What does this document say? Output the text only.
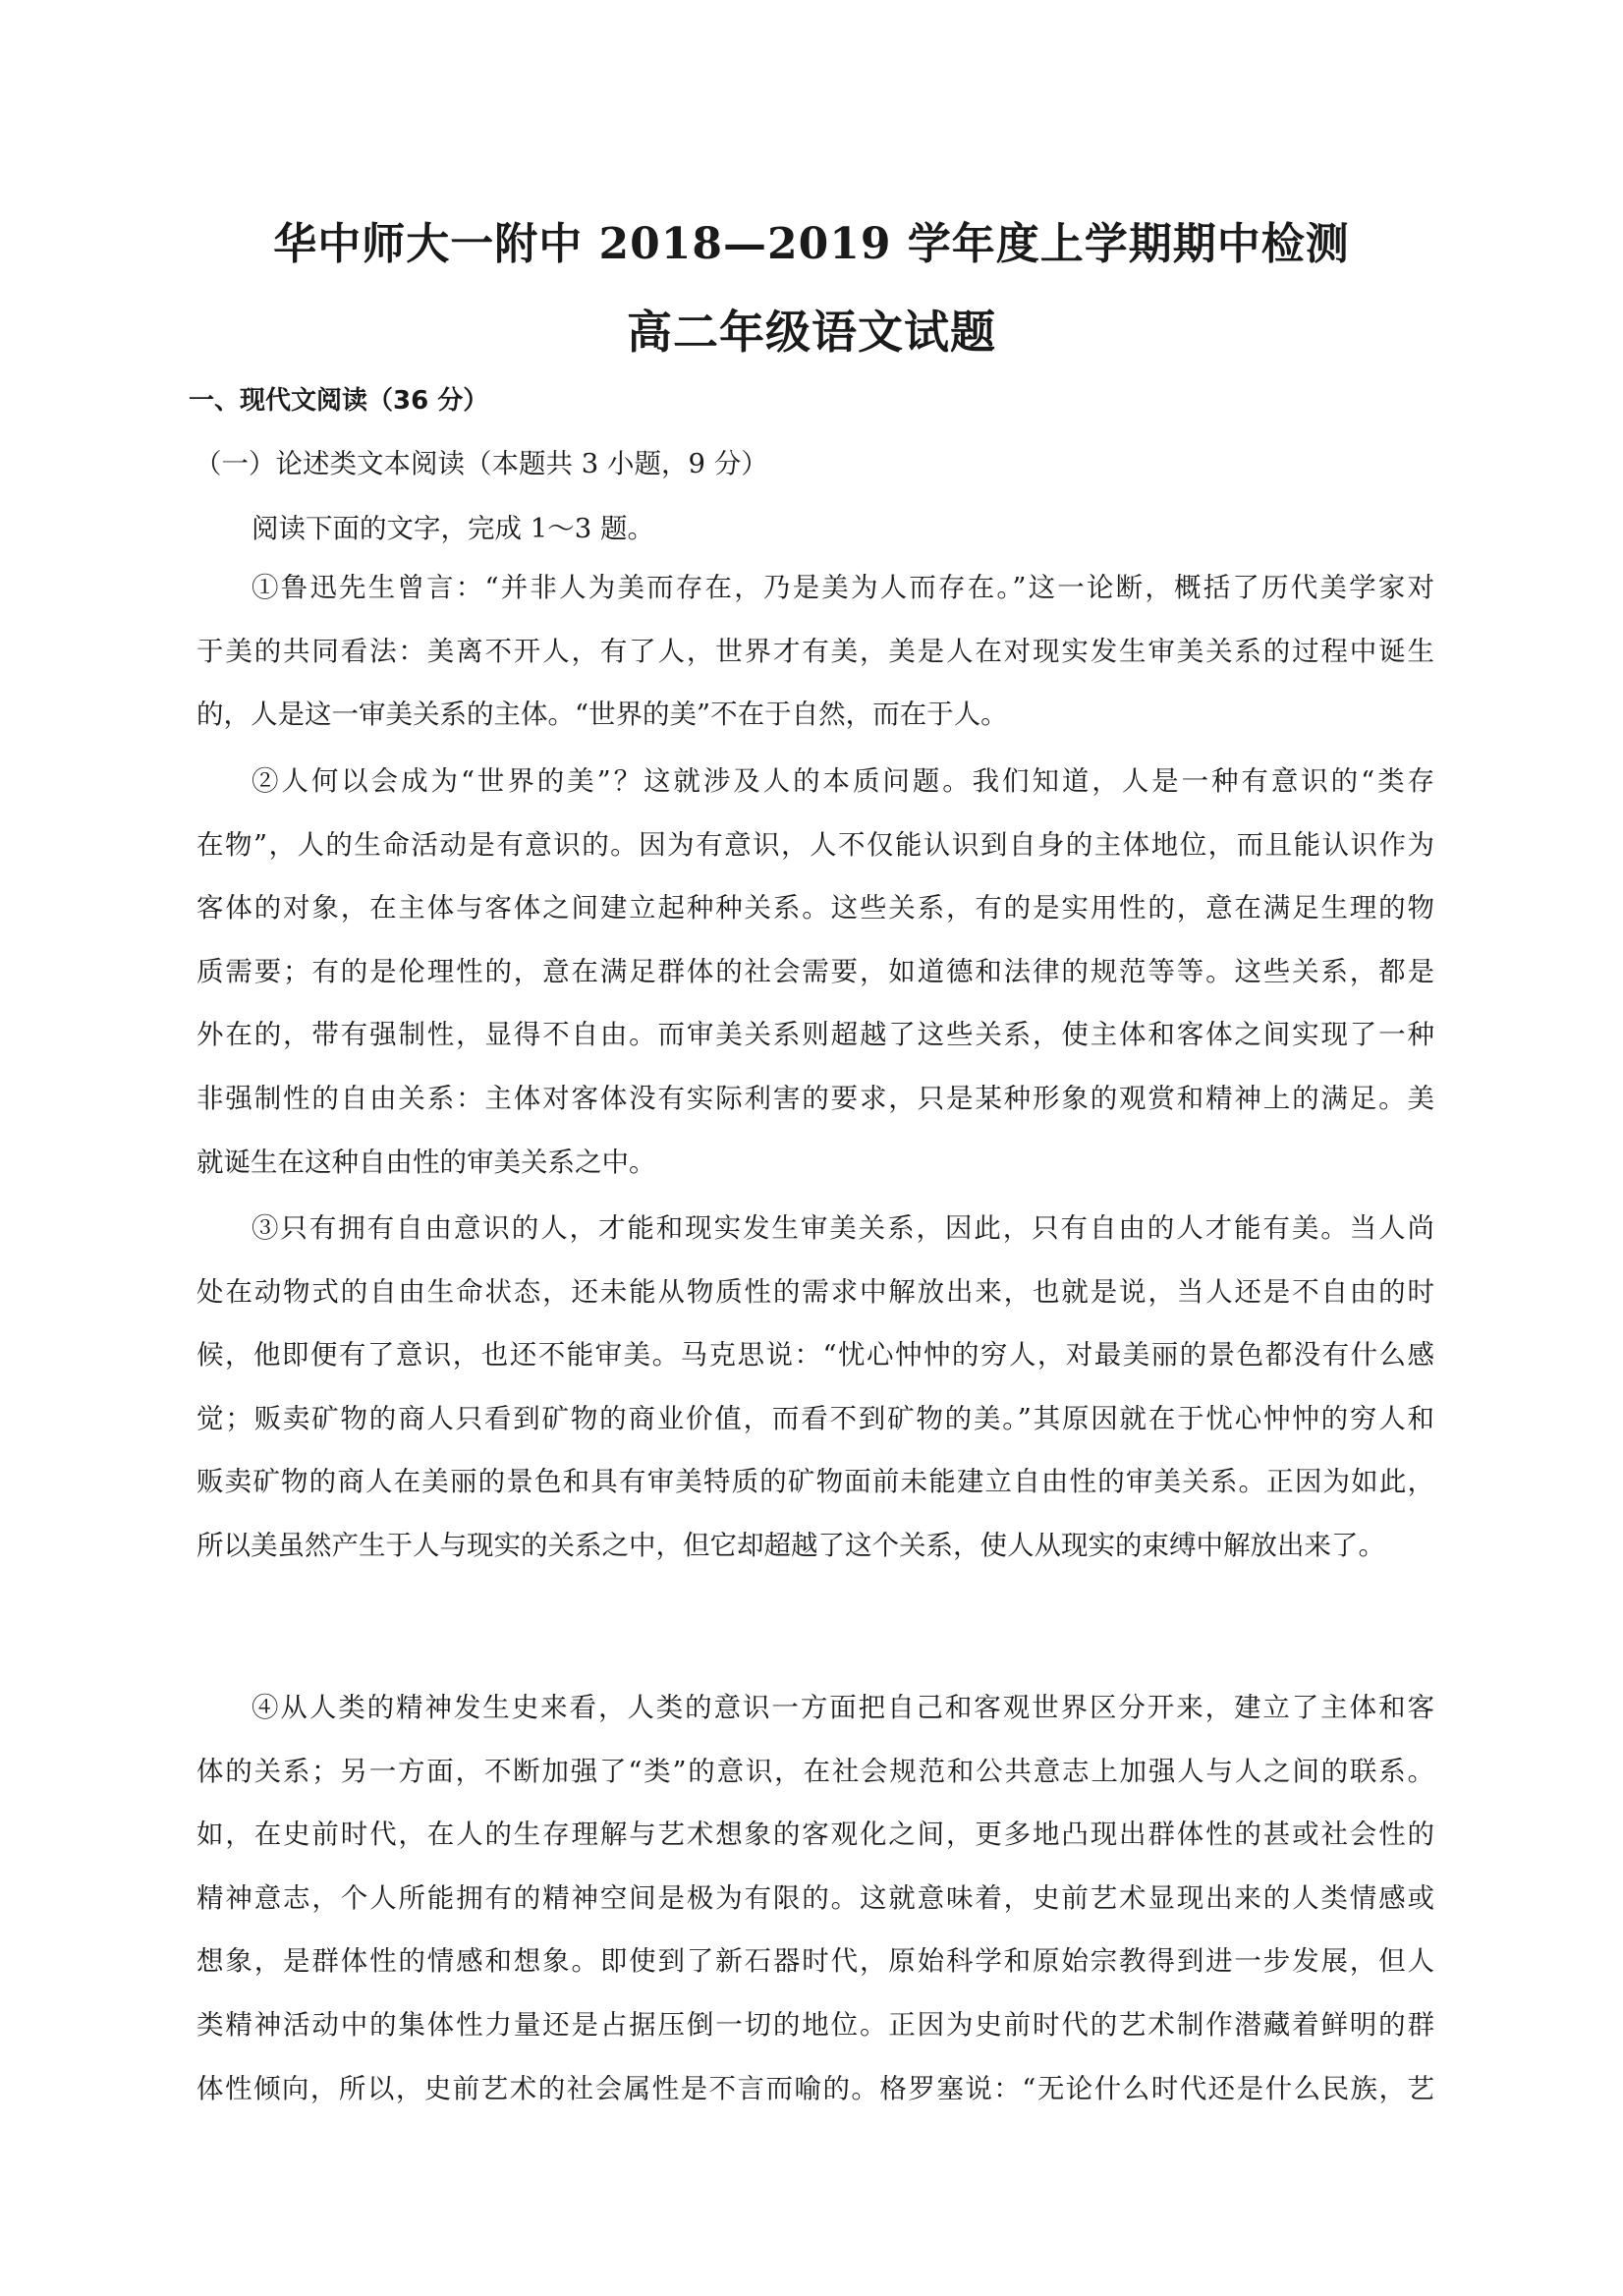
华中师大一附中 2018—2019 学年度上学期期中检测
高二年级语文试题
一、现代文阅读（36 分）
（一）论述类文本阅读（本题共 3 小题，9 分）
阅读下面的文字，完成 1～3 题。
①鲁迅先生曾言：“并非人为美而存在，乃是美为人而存在。”这一论断，概括了历代美学家对
于美的共同看法：美离不开人，有了人，世界才有美，美是人在对现实发生审美关系的过程中诞生
的，人是这一审美关系的主体。“世界的美”不在于自然，而在于人。
②人何以会成为“世界的美”？这就涉及人的本质问题。我们知道，人是一种有意识的“类存
在物”，人的生命活动是有意识的。因为有意识，人不仅能认识到自身的主体地位，而且能认识作为
客体的对象，在主体与客体之间建立起种种关系。这些关系，有的是实用性的，意在满足生理的物
质需要；有的是伦理性的，意在满足群体的社会需要，如道德和法律的规范等等。这些关系，都是
外在的，带有强制性，显得不自由。而审美关系则超越了这些关系，使主体和客体之间实现了一种
非强制性的自由关系：主体对客体没有实际利害的要求，只是某种形象的观赏和精神上的满足。美
就诞生在这种自由性的审美关系之中。
③只有拥有自由意识的人，才能和现实发生审美关系，因此，只有自由的人才能有美。当人尚
处在动物式的自由生命状态，还未能从物质性的需求中解放出来，也就是说，当人还是不自由的时
候，他即便有了意识，也还不能审美。马克思说：“忧心忡忡的穷人，对最美丽的景色都没有什么感
觉；贩卖矿物的商人只看到矿物的商业价值，而看不到矿物的美。”其原因就在于忧心忡忡的穷人和
贩卖矿物的商人在美丽的景色和具有审美特质的矿物面前未能建立自由性的审美关系。正因为如此，
所以美虽然产生于人与现实的关系之中，但它却超越了这个关系，使人从现实的束缚中解放出来了。
④从人类的精神发生史来看，人类的意识一方面把自己和客观世界区分开来，建立了主体和客
体的关系；另一方面，不断加强了“类”的意识，在社会规范和公共意志上加强人与人之间的联系。
如，在史前时代，在人的生存理解与艺术想象的客观化之间，更多地凸现出群体性的甚或社会性的
精神意志，个人所能拥有的精神空间是极为有限的。这就意味着，史前艺术显现出来的人类情感或
想象，是群体性的情感和想象。即使到了新石器时代，原始科学和原始宗教得到进一步发展，但人
类精神活动中的集体性力量还是占据压倒一切的地位。正因为史前时代的艺术制作潜藏着鲜明的群
体性倾向，所以，史前艺术的社会属性是不言而喻的。格罗塞说：“无论什么时代还是什么民族，艺
